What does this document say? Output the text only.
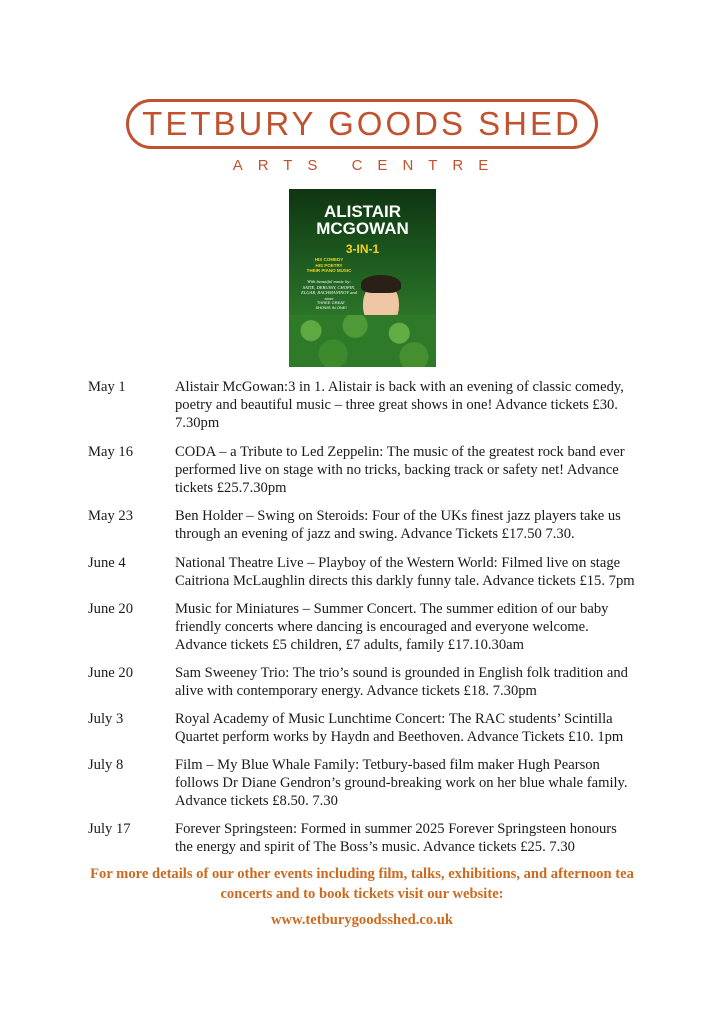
TETBURY GOODS SHED
ARTS CENTRE
ALISTAIR
MCGOWAN
3-IN-1
HIS COMEDY
HIS POETRY
THEIR PIANO MUSIC
With beautiful music by:
SATIE, DEBUSSY, CHOPIN, ELGAR, RACHMANINOV and more
THREE GREAT SHOWS IN ONE!
May 1	Alistair McGowan:3 in 1. Alistair is back with an evening of classic comedy,
poetry and beautiful music – three great shows in one! Advance tickets £30.
7.30pm
May 16	CODA – a Tribute to Led Zeppelin: The music of the greatest rock band ever
performed live on stage with no tricks, backing track or safety net! Advance
tickets £25.7.30pm
May 23	Ben Holder – Swing on Steroids: Four of the UKs finest jazz players take us
through an evening of jazz and swing. Advance Tickets £17.50 7.30.
June 4	National Theatre Live – Playboy of the Western World: Filmed live on stage
Caitriona McLaughlin directs this darkly funny tale. Advance tickets £15. 7pm
June 20	Music for Miniatures – Summer Concert. The summer edition of our baby
friendly concerts where dancing is encouraged and everyone welcome.
Advance tickets £5 children, £7 adults, family £17.10.30am
June 20	Sam Sweeney Trio: The trio’s sound is grounded in English folk tradition and
alive with contemporary energy. Advance tickets £18. 7.30pm
July 3	Royal Academy of Music Lunchtime Concert: The RAC students’ Scintilla
Quartet perform works by Haydn and Beethoven. Advance Tickets £10. 1pm
July 8	Film – My Blue Whale Family: Tetbury-based film maker Hugh Pearson
follows Dr Diane Gendron’s ground-breaking work on her blue whale family.
Advance tickets £8.50. 7.30
July 17	Forever Springsteen: Formed in summer 2025 Forever Springsteen honours
the energy and spirit of The Boss’s music. Advance tickets £25. 7.30
For more details of our other events including film, talks, exhibitions, and afternoon tea
concerts and to book tickets visit our website:
www.tetburygoodsshed.co.uk
